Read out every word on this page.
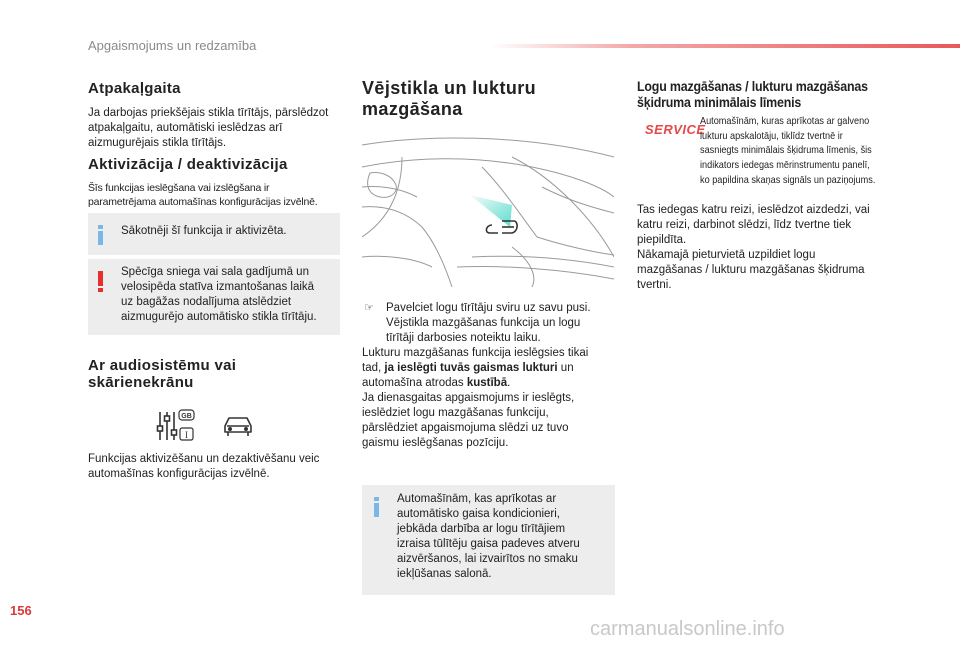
Apgaismojums un redzamība
Atpakaļgaita

Ja darbojas priekšējais stikla tīrītājs, pārslēdzot

atpakaļgaitu, automātiski ieslēdzas arī

aizmugurējais stikla tīrītājs.

Aktivizācija / deaktivizācija

Šīs funkcijas ieslēgšana vai izslēgšana ir

parametrējama automašīnas konfigurācijas izvēlnē.

Sākotnēji šī funkcija ir aktivizēta.

Spēcīga sniega vai sala gadījumā un

velosipēda statīva izmantošanas laikā

uz bagāžas nodalījuma atslēdziet

aizmugurējo automātisko stikla tīrītāju.

Ar audiosistēmu vai
skārienekrānu
GB
I

Funkcijas aktivizēšanu un dezaktivēšanu veic

automašīnas konfigurācijas izvēlnē.

Vējstikla un lukturu
mazgāšana
☞ Pavelciet logu tīrītāju sviru uz savu pusi.

Vējstikla mazgāšanas funkcija un logu

tīrītāji darbosies noteiktu laiku.

Lukturu mazgāšanas funkcija ieslēgsies tikai

tad, ja ieslēgti tuvās gaismas lukturi un

automašīna atrodas kustībā.

Ja dienasgaitas apgaismojums ir ieslēgts,

ieslēdziet logu mazgāšanas funkciju,

pārslēdziet apgaismojuma slēdzi uz tuvo

gaismu ieslēgšanas pozīciju.

Automašīnām, kas aprīkotas ar

automātisko gaisa kondicionieri,

jebkāda darbība ar logu tīrītājiem

izraisa tūlītēju gaisa padeves atveru

aizvēršanos, lai izvairītos no smaku

iekļūšanas salonā.

Logu mazgāšanas / lukturu mazgāšanas
šķidruma minimālais līmenis
SERVICE

Automašīnām, kuras aprīkotas ar galveno

lukturu apskalotāju, tiklīdz tvertnē ir

sasniegts minimālais šķidruma līmenis, šis

indikators iedegas mērinstrumentu panelī,

ko papildina skaņas signāls un paziņojums.

Tas iedegas katru reizi, ieslēdzot aizdedzi, vai

katru reizi, darbinot slēdzi, līdz tvertne tiek

piepildīta.

Nākamajā pieturvietā uzpildiet logu

mazgāšanas / lukturu mazgāšanas šķidruma

tvertni.

156
carmanualsonline.info
